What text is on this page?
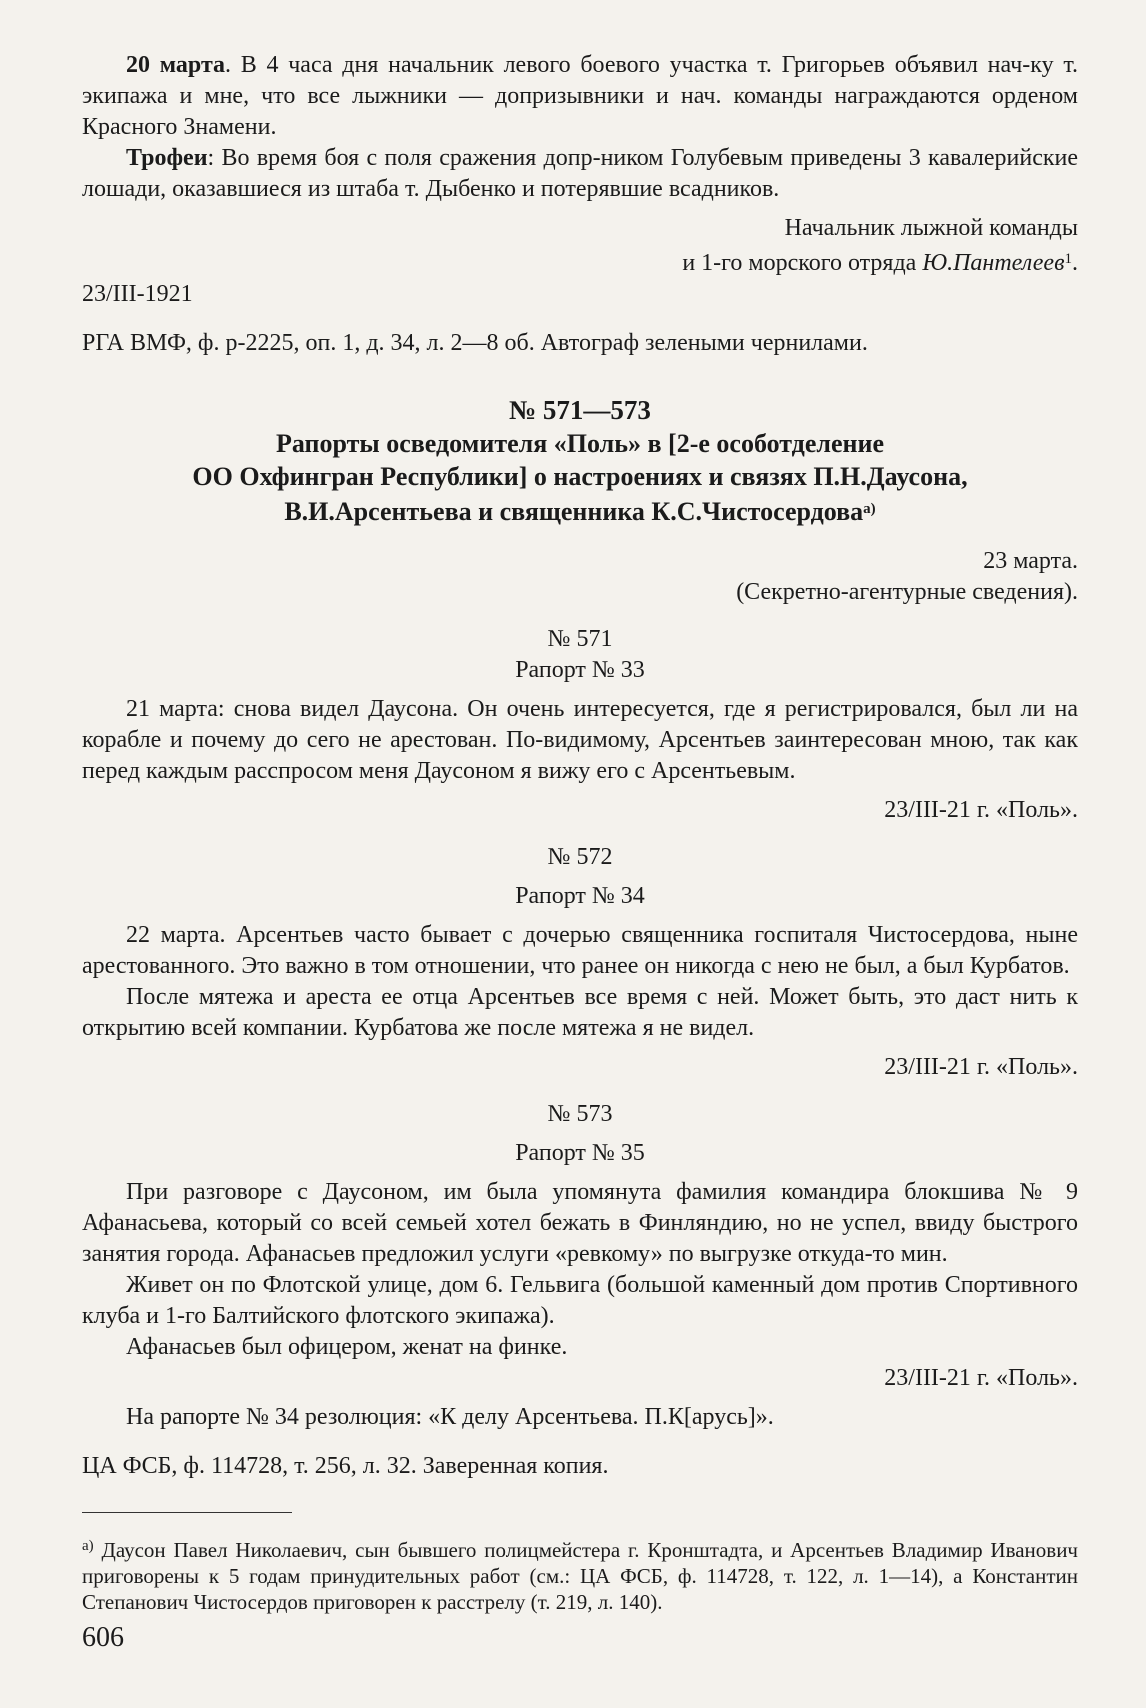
20 марта. В 4 часа дня начальник левого боевого участка т. Григорьев объявил нач-ку т. экипажа и мне, что все лыжники — допризывники и нач. команды награждаются орденом Красного Знамени.

Трофеи: Во время боя с поля сражения допр-ником Голубевым приведены 3 кавалерийские лошади, оказавшиеся из штаба т. Дыбенко и потерявшие всадников.

Начальник лыжной команды

и 1-го морского отряда Ю.Пантелеев$^1$.

23/III-1921

РГА ВМФ, ф. р-2225, оп. 1, д. 34, л. 2—8 об. Автограф зелеными чернилами.

№ 571—573

Рапорты осведомителя «Поль» в [2-е особотделение

ОО Охфингран Республики] о настроениях и связях П.Н.Даусона,

В.И.Арсентьева и священника К.С.Чистосердова$^{а)}$

23 марта.

(Секретно-агентурные сведения).

№ 571

Рапорт № 33

21 марта: снова видел Даусона. Он очень интересуется, где я регистрировался, был ли на корабле и почему до сего не арестован. По-видимому, Арсентьев заинтересован мною, так как перед каждым расспросом меня Даусоном я вижу его с Арсентьевым.

23/III-21 г. «Поль».

№ 572

Рапорт № 34

22 марта. Арсентьев часто бывает с дочерью священника госпиталя Чистосердова, ныне арестованного. Это важно в том отношении, что ранее он никогда с нею не был, а был Курбатов.

После мятежа и ареста ее отца Арсентьев все время с ней. Может быть, это даст нить к открытию всей компании. Курбатова же после мятежа я не видел.

23/III-21 г. «Поль».

№ 573

Рапорт № 35

При разговоре с Даусоном, им была упомянута фамилия командира блокшива № 9 Афанасьева, который со всей семьей хотел бежать в Финляндию, но не успел, ввиду быстрого занятия города. Афанасьев предложил услуги «ревкому» по выгрузке откуда-то мин.

Живет он по Флотской улице, дом 6. Гельвига (большой каменный дом против Спортивного клуба и 1-го Балтийского флотского экипажа).

Афанасьев был офицером, женат на финке.

23/III-21 г. «Поль».

На рапорте № 34 резолюция: «К делу Арсентьева. П.К[арусь]».

ЦА ФСБ, ф. 114728, т. 256, л. 32. Заверенная копия.

$^{а)}$ Даусон Павел Николаевич, сын бывшего полицмейстера г. Кронштадта, и Арсентьев Владимир Иванович приговорены к 5 годам принудительных работ (см.: ЦА ФСБ, ф. 114728, т. 122, л. 1—14), а Константин Степанович Чистосердов приговорен к расстрелу (т. 219, л. 140).

606
